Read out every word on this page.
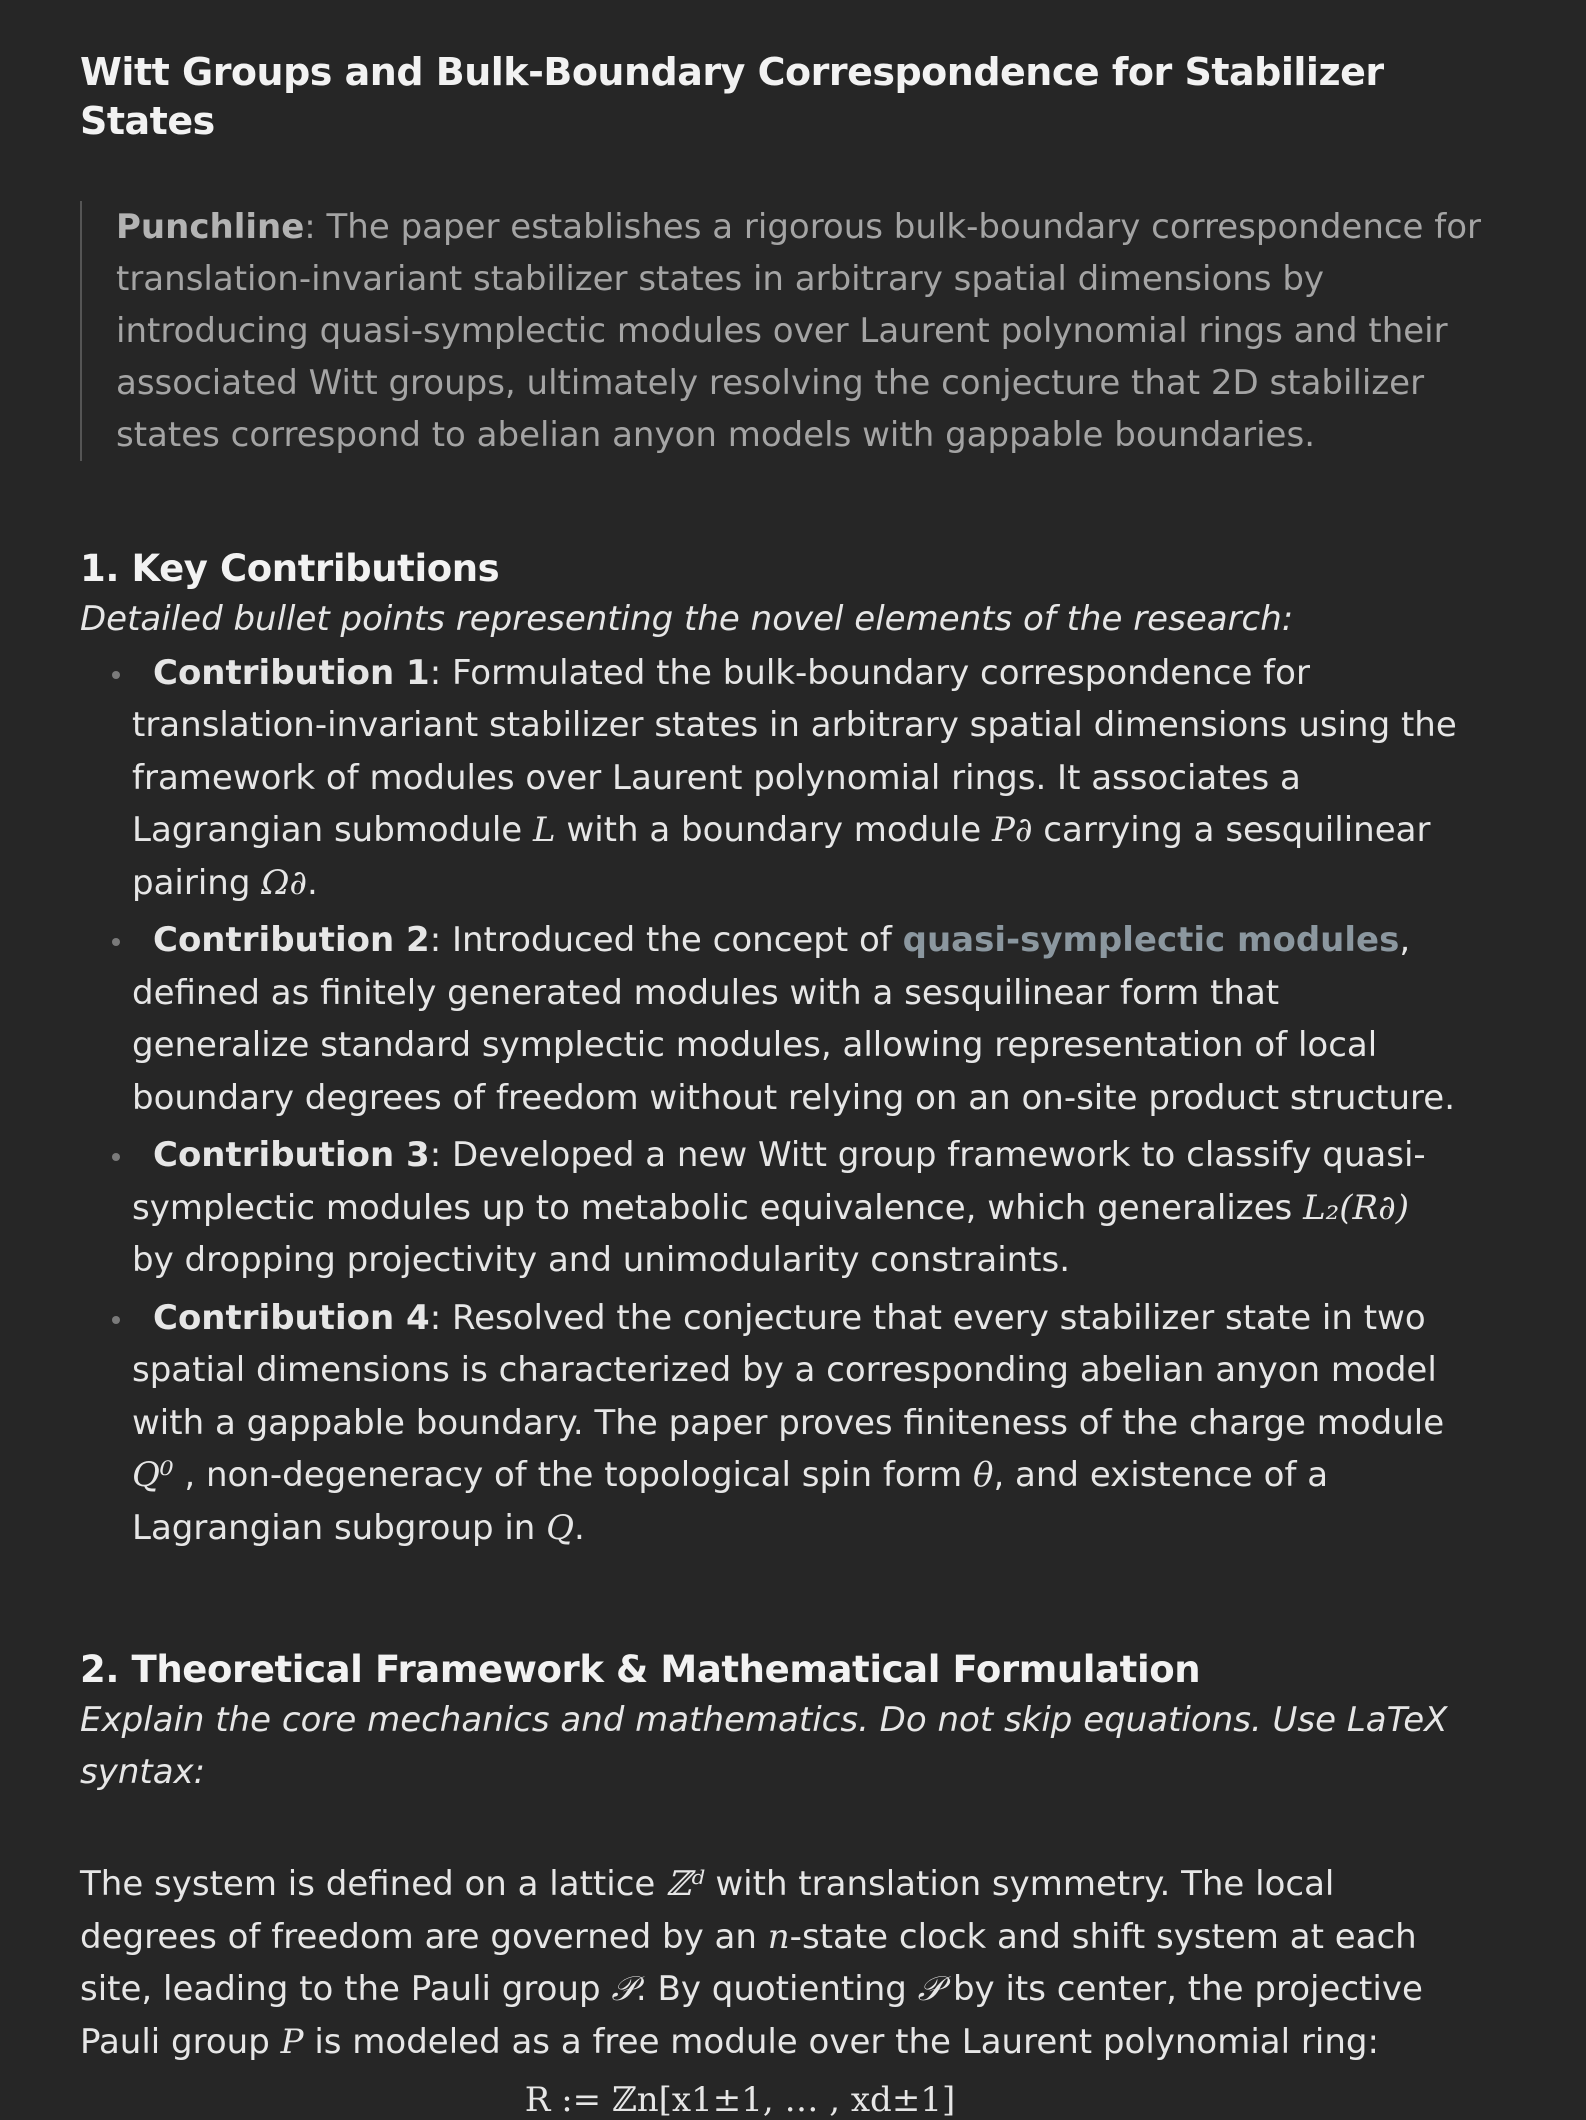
Witt Groups and Bulk-Boundary Correspondence for Stabilizer States
Punchline: The paper establishes a rigorous bulk-boundary correspondence for translation-invariant stabilizer states in arbitrary spatial dimensions by introducing quasi-symplectic modules over Laurent polynomial rings and their associated Witt groups, ultimately resolving the conjecture that 2D stabilizer states correspond to abelian anyon models with gappable boundaries.
1. Key Contributions

Detailed bullet points representing the novel elements of the research:

Contribution 1: Formulated the bulk-boundary correspondence for translation-invariant stabilizer states in arbitrary spatial dimensions using the framework of modules over Laurent polynomial rings. It associates a Lagrangian submodule L with a boundary module P∂ carrying a sesquilinear pairing Ω∂.
Contribution 2: Introduced the concept of quasi-symplectic modules, defined as finitely generated modules with a sesquilinear form that generalize standard symplectic modules, allowing representation of local boundary degrees of freedom without relying on an on-site product structure.
Contribution 3: Developed a new Witt group framework to classify quasi-symplectic modules up to metabolic equivalence, which generalizes L₂(R∂) by dropping projectivity and unimodularity constraints.
Contribution 4: Resolved the conjecture that every stabilizer state in two spatial dimensions is characterized by a corresponding abelian anyon model with a gappable boundary. The paper proves finiteness of the charge module Q⁰ , non-degeneracy of the topological spin form θ, and existence of a Lagrangian subgroup in Q.
2. Theoretical Framework & Mathematical Formulation

Explain the core mechanics and mathematics. Do not skip equations. Use LaTeX syntax:

The system is defined on a lattice ℤᵈ with translation symmetry. The local degrees of freedom are governed by an n-state clock and shift system at each site, leading to the Pauli group 𝒫. By quotienting 𝒫 by its center, the projective Pauli group P is modeled as a free module over the Laurent polynomial ring:

R := ℤn[x1±1, … , xd±1]
